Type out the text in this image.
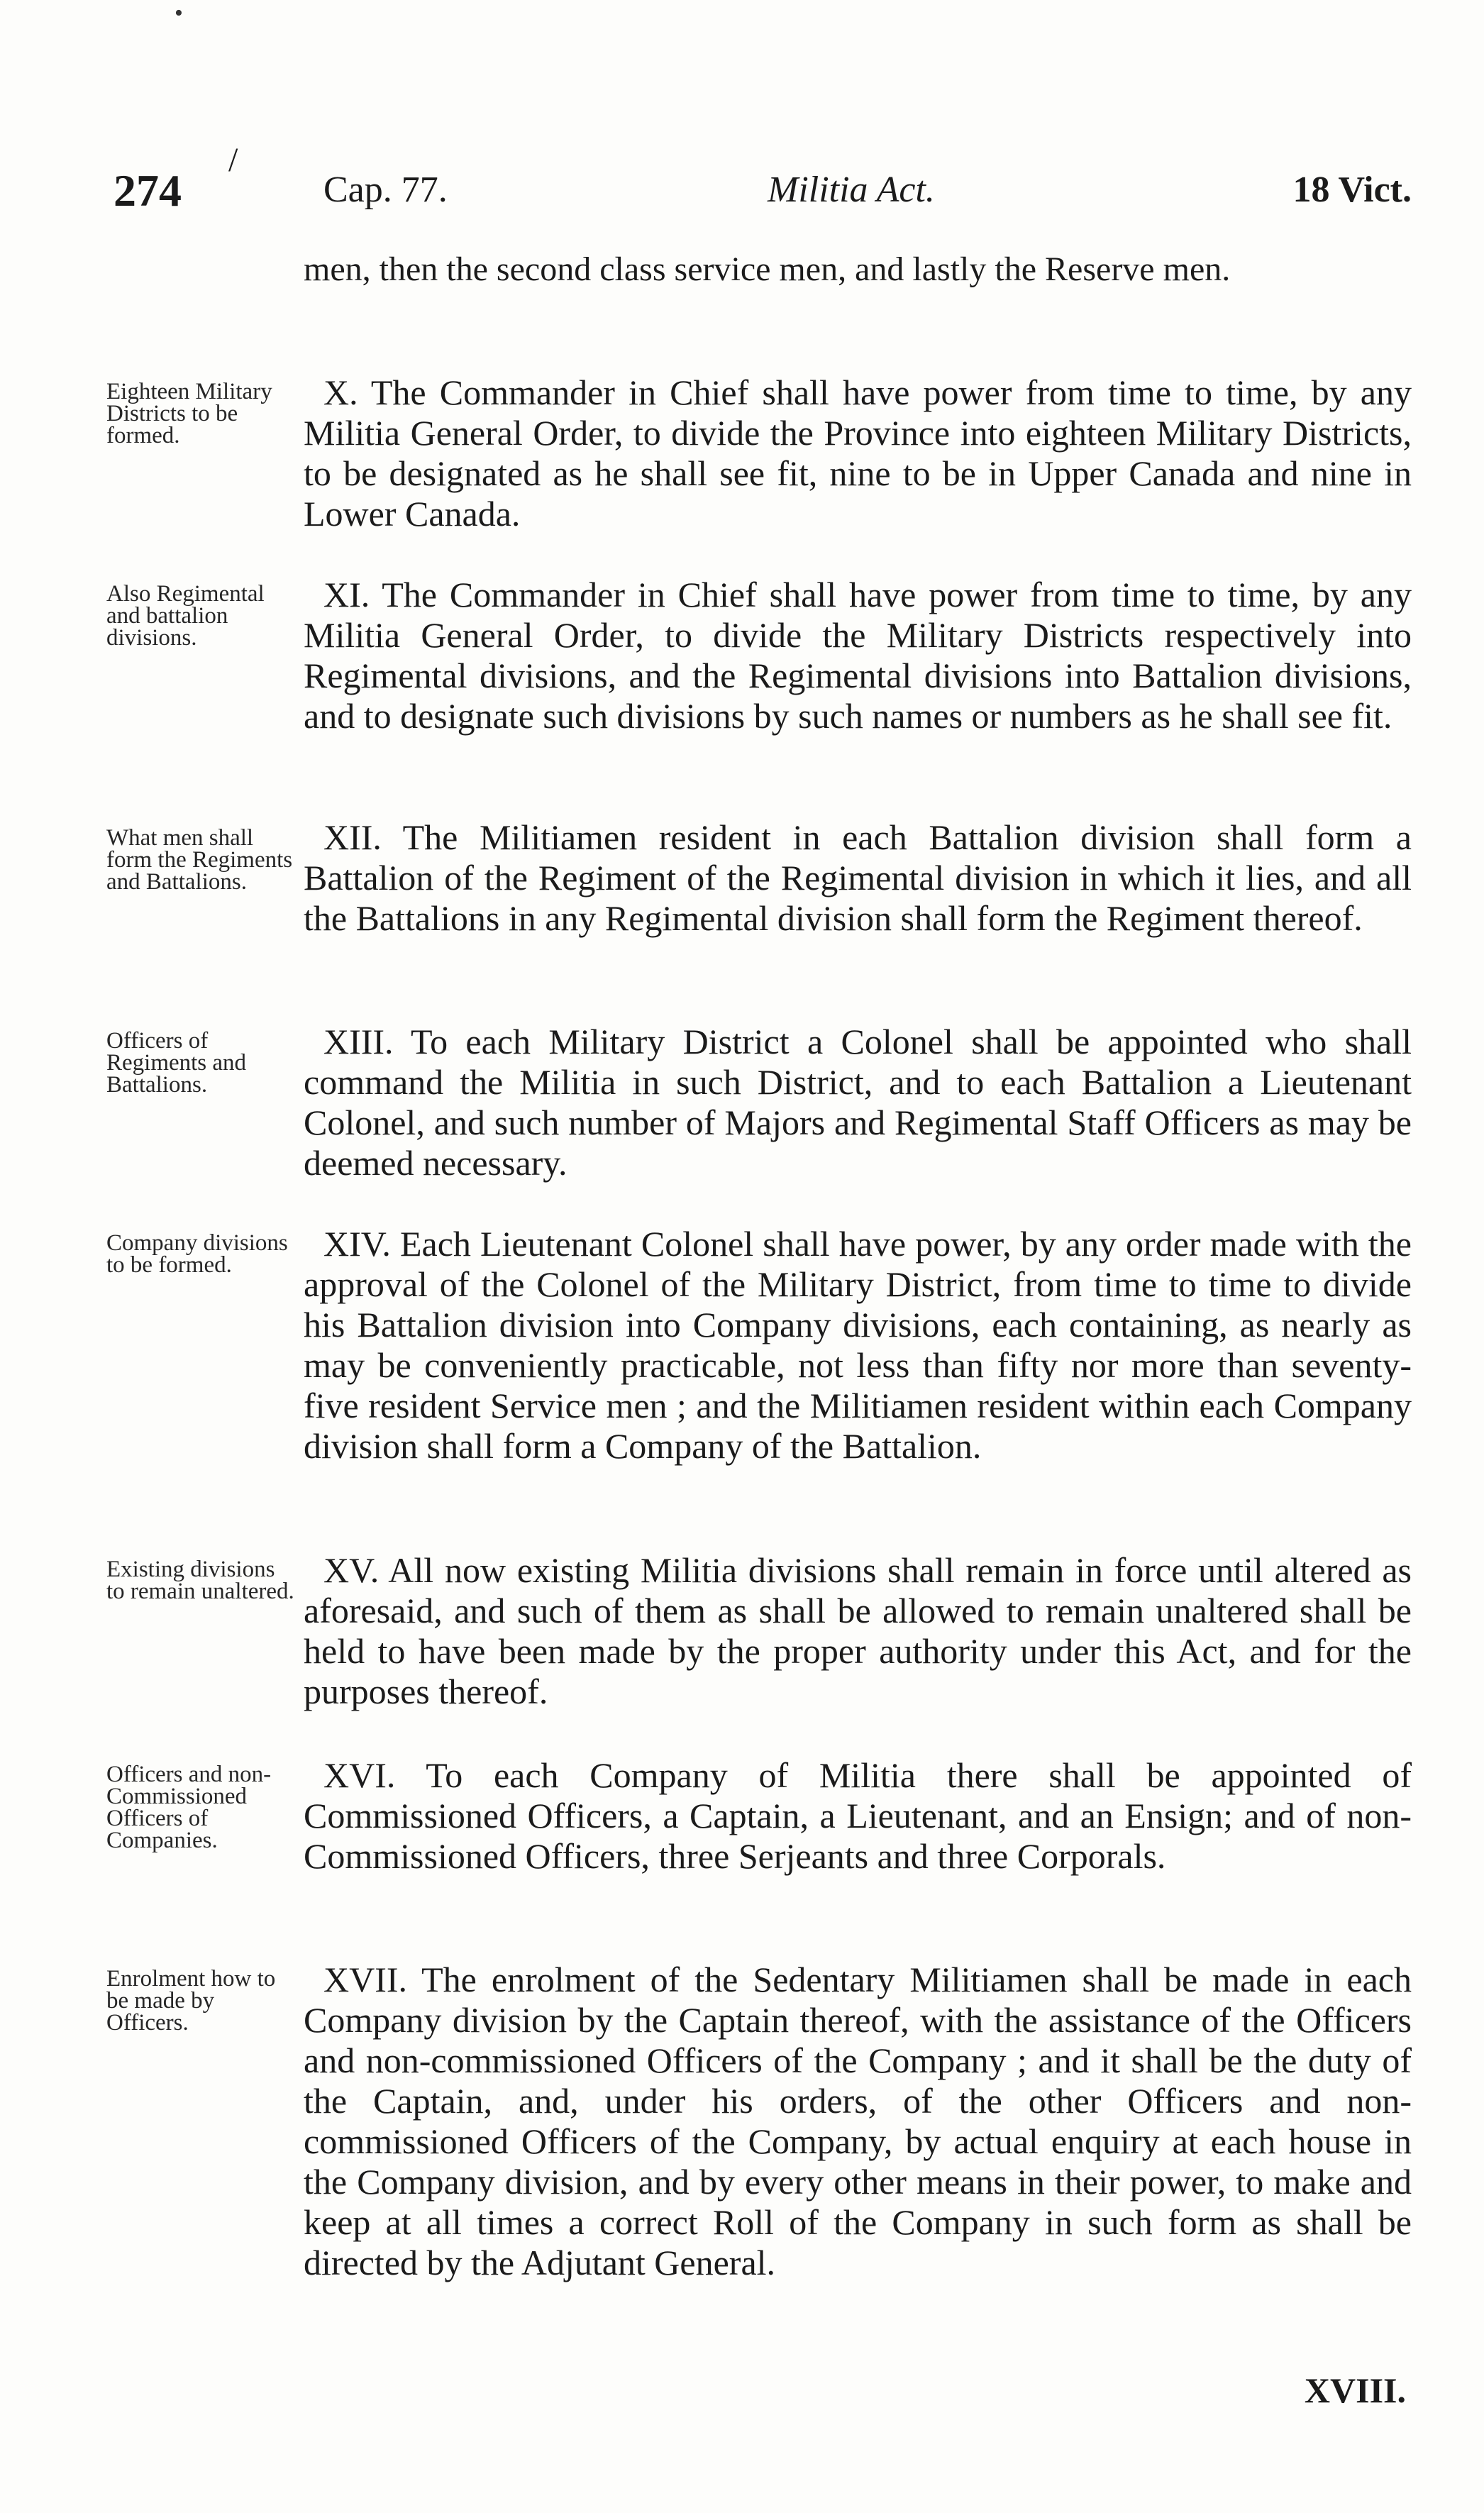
•
274
/
Cap. 77.	Militia Act.	18 Vict.
men, then the second class service men, and lastly the Reserve men.
Eighteen Military Districts to be formed.
X. The Commander in Chief shall have power from time to time, by any Militia General Order, to divide the Province into eighteen Military Districts, to be designated as he shall see fit, nine to be in Upper Canada and nine in Lower Canada.
Also Regimental and battalion divisions.
XI. The Commander in Chief shall have power from time to time, by any Militia General Order, to divide the Military Districts respectively into Regimental divisions, and the Regimental divisions into Battalion divisions, and to designate such divisions by such names or numbers as he shall see fit.
What men shall form the Regiments and Battalions.
XII. The Militiamen resident in each Battalion division shall form a Battalion of the Regiment of the Regimental division in which it lies, and all the Battalions in any Regimental division shall form the Regiment thereof.
Officers of Regiments and Battalions.
XIII. To each Military District a Colonel shall be appointed who shall command the Militia in such District, and to each Battalion a Lieutenant Colonel, and such number of Majors and Regimental Staff Officers as may be deemed necessary.
Company divisions to be formed.
XIV. Each Lieutenant Colonel shall have power, by any order made with the approval of the Colonel of the Military District, from time to time to divide his Battalion division into Company divisions, each containing, as nearly as may be conveniently practicable, not less than fifty nor more than seventy-five resident Service men ; and the Militiamen resident within each Company division shall form a Company of the Battalion.
Existing divisions to remain unaltered.
XV. All now existing Militia divisions shall remain in force until altered as aforesaid, and such of them as shall be allowed to remain unaltered shall be held to have been made by the proper authority under this Act, and for the purposes thereof.
Officers and non-Commissioned Officers of Companies.
XVI. To each Company of Militia there shall be appointed of Commissioned Officers, a Captain, a Lieutenant, and an Ensign; and of non-Commissioned Officers, three Serjeants and three Corporals.
Enrolment how to be made by Officers.
XVII. The enrolment of the Sedentary Militiamen shall be made in each Company division by the Captain thereof, with the assistance of the Officers and non-commissioned Officers of the Company ; and it shall be the duty of the Captain, and, under his orders, of the other Officers and non-commissioned Officers of the Company, by actual enquiry at each house in the Company division, and by every other means in their power, to make and keep at all times a correct Roll of the Company in such form as shall be directed by the Adjutant General.
XVIII.
